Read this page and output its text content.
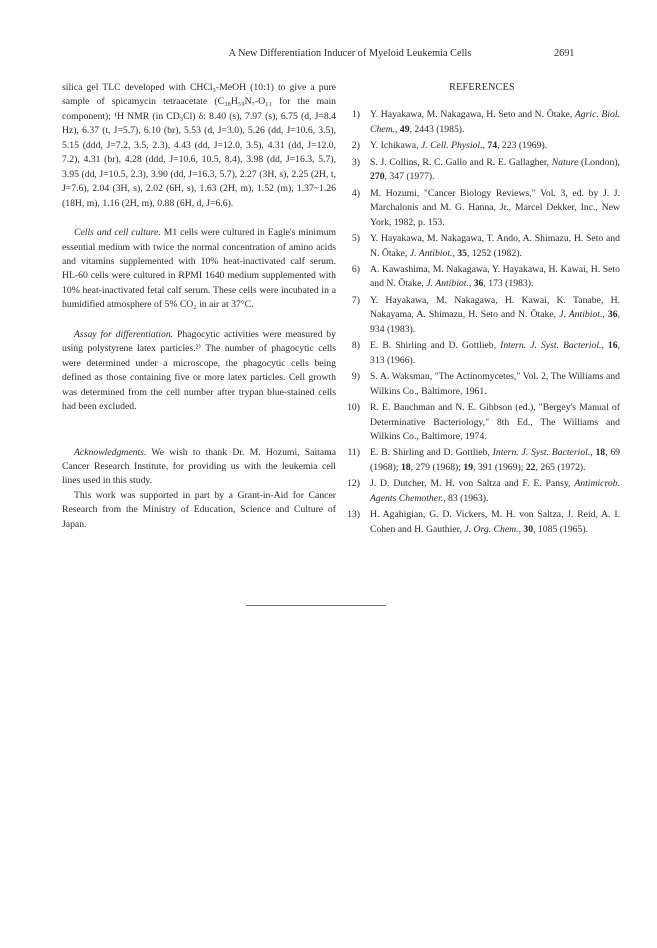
A New Differentiation Inducer of Myeloid Leukemia Cells	2691

silica gel TLC developed with CHCl₃-MeOH (10:1) to give a pure sample of spicamycin tetraacetate (C₃₈H₅₉N₇-O₁₁ for the main component); ¹H NMR (in CD₃Cl) δ: 8.40 (s), 7.97 (s), 6.75 (d, J=8.4 Hz), 6.37 (t, J=5.7), 6.10 (br), 5.53 (d, J=3.0), 5.26 (dd, J=10.6, 3.5), 5.15 (ddd, J=7.2, 3.5, 2.3), 4.43 (dd, J=12.0, 3.5), 4.31 (dd, J=12.0, 7.2), 4.31 (br), 4.28 (ddd, J=10.6, 10.5, 8.4), 3.98 (dd, J=16.3, 5.7), 3.95 (dd, J=10.5, 2.3), 3.90 (dd, J=16.3, 5.7), 2.27 (3H, s), 2.25 (2H, t, J=7.6), 2.04 (3H, s), 2.02 (6H, s), 1.63 (2H, m), 1.52 (m), 1.37~1.26 (18H, m), 1.16 (2H, m), 0.88 (6H, d, J=6.6).

Cells and cell culture. M1 cells were cultured in Eagle's minimum essential medium with twice the normal concentration of amino acids and vitamins supplemented with 10% heat-inactivated calf serum. HL-60 cells were cultured in RPMI 1640 medium supplemented with 10% heat-inactivated fetal calf serum. These cells were incubated in a humidified atmosphere of 5% CO₂ in air at 37°C.

Assay for differentiation. Phagocytic activities were measured by using polystyrene latex particles.²⁾ The number of phagocytic cells were determined under a microscope, the phagocytic cells being defined as those containing five or more latex particles. Cell growth was determined from the cell number after trypan blue-stained cells had been excluded.

Acknowledgments. We wish to thank Dr. M. Hozumi, Saitama Cancer Research Institute, for providing us with the leukemia cell lines used in this study.

This work was supported in part by a Grant-in-Aid for Cancer Research from the Ministry of Education, Science and Culture of Japan.

REFERENCES
1)	Y. Hayakawa, M. Nakagawa, H. Seto and N. Ōtake, Agric. Biol. Chem., 49, 2443 (1985).
2)	Y. Ichikawa, J. Cell. Physiol., 74, 223 (1969).
3)	S. J. Collins, R. C. Gallo and R. E. Gallagher, Nature (London), 270, 347 (1977).
4)	M. Hozumi, "Cancer Biology Reviews," Vol. 3, ed. by J. J. Marchalonis and M. G. Hanna, Jr., Marcel Dekker, Inc., New York, 1982, p. 153.
5)	Y. Hayakawa, M. Nakagawa, T. Ando, A. Shimazu, H. Seto and N. Ōtake, J. Antibiot., 35, 1252 (1982).
6)	A. Kawashima, M. Nakagawa, Y. Hayakawa, H. Kawai, H. Seto and N. Ōtake, J. Antibiot., 36, 173 (1983).
7)	Y. Hayakawa, M. Nakagawa, H. Kawai, K. Tanabe, H. Nakayama, A. Shimazu, H. Seto and N. Ōtake, J. Antibiot., 36, 934 (1983).
8)	E. B. Shirling and D. Gottlieb, Intern. J. Syst. Bacteriol., 16, 313 (1966).
9)	S. A. Waksman, "The Actinomycetes," Vol. 2, The Williams and Wilkins Co., Baltimore, 1961.
10)	R. E. Bauchman and N. E. Gibbson (ed.), "Bergey's Manual of Determinative Bacteriology," 8th Ed., The Williams and Wilkins Co., Baltimore, 1974.
11)	E. B. Shirling and D. Gottlieb, Intern. J. Syst. Bacteriol., 18, 69 (1968); 18, 279 (1968); 19, 391 (1969); 22, 265 (1972).
12)	J. D. Dutcher, M. H. von Saltza and F. E. Pansy, Antimicrob. Agents Chemother., 83 (1963).
13)	H. Agahigian, G. D. Vickers, M. H. von Saltza, J. Reid, A. I. Cohen and H. Gauthier, J. Org. Chem., 30, 1085 (1965).
